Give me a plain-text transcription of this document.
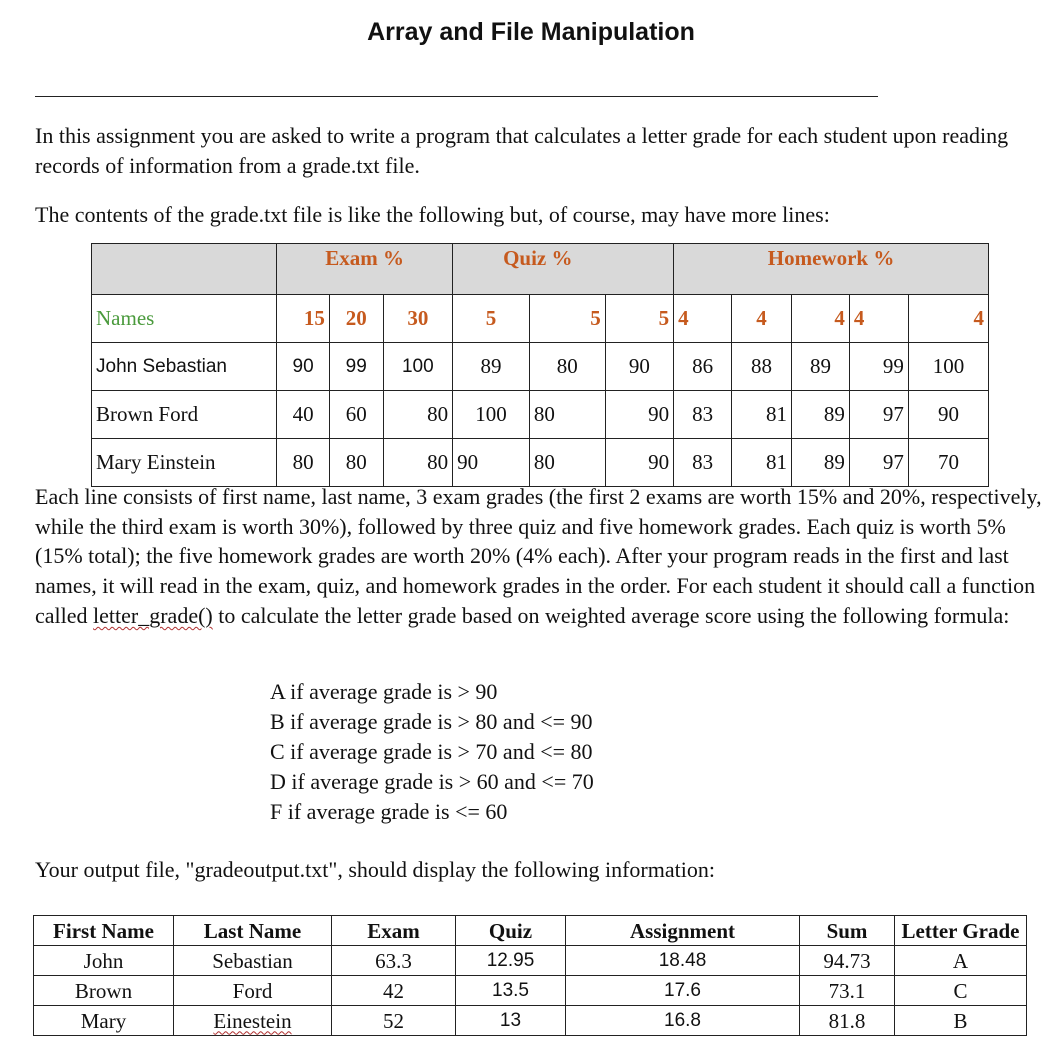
Array and File Manipulation
In this assignment you are asked to write a program that calculates a letter grade for each student upon reading records of information from a grade.txt file.
The contents of the grade.txt file is like the following but, of course, may have more lines:
	Exam %			Quiz %			Homework %				
Names	15	20	30	5	5	5	4	4	4	4	4
John Sebastian	90	99	100	89	80	90	86	88	89	99	100
Brown Ford	40	60	80	100	80	90	83	81	89	97	90
Mary Einstein	80	80	80	90	80	90	83	81	89	97	70
Each line consists of first name, last name, 3 exam grades (the first 2 exams are worth 15% and 20%, respectively, while the third exam is worth 30%), followed by three quiz and five homework grades. Each quiz is worth 5% (15% total); the five homework grades are worth 20% (4% each). After your program reads in the first and last names, it will read in the exam, quiz, and homework grades in the order. For each student it should call a function called letter_grade() to calculate the letter grade based on weighted average score using the following formula:
A if average grade is > 90
B if average grade is > 80 and <= 90
C if average grade is > 70 and <= 80
D if average grade is > 60 and <= 70
F if average grade is <= 60
Your output file, "gradeoutput.txt", should display the following information:
First Name	Last Name	Exam	Quiz	Assignment	Sum	Letter Grade
John	Sebastian	63.3	12.95	18.48	94.73	A
Brown	Ford	42	13.5	17.6	73.1	C
Mary	Einestein	52	13	16.8	81.8	B
